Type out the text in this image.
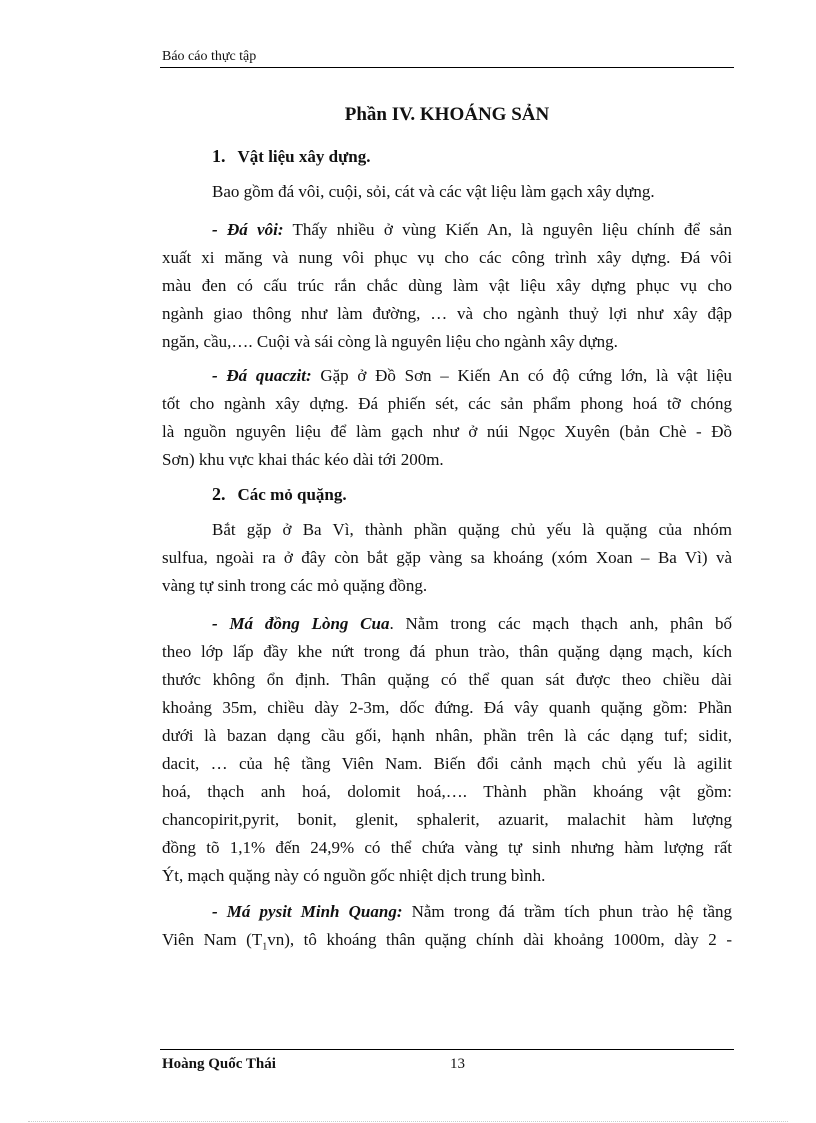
Báo cáo thực tập
Phần IV. KHOÁNG SẢN
1. Vật liệu xây dựng.
Bao gồm đá vôi, cuội, sỏi, cát và các vật liệu làm gạch xây dựng.
- Đá vôi: Thấy nhiều ở vùng Kiến An, là nguyên liệu chính để sản
xuất xi măng và nung vôi phục vụ cho các công trình xây dựng. Đá vôi
màu đen có cấu trúc rắn chắc dùng làm vật liệu xây dựng phục vụ cho
ngành giao thông như làm đường, … và cho ngành thuỷ lợi như xây đập
ngăn, cầu,…. Cuội và sái còng là nguyên liệu cho ngành xây dựng.
- Đá quaczit: Gặp ở Đồ Sơn – Kiến An có độ cứng lớn, là vật liệu
tốt cho ngành xây dựng. Đá phiến sét, các sản phẩm phong hoá tỡ chóng
là nguồn nguyên liệu để làm gạch như ở núi Ngọc Xuyên (bản Chè - Đồ
Sơn) khu vực khai thác kéo dài tới 200m.
2. Các mỏ quặng.
Bắt gặp ở Ba Vì, thành phần quặng chủ yếu là quặng của nhóm
sulfua, ngoài ra ở đây còn bắt gặp vàng sa khoáng (xóm Xoan – Ba Vì) và
vàng tự sinh trong các mỏ quặng đồng.
- Má đồng Lòng Cua. Nằm trong các mạch thạch anh, phân bố
theo lớp lấp đầy khe nứt trong đá phun trào, thân quặng dạng mạch, kích
thước không ổn định. Thân quặng có thể quan sát được theo chiều dài
khoảng 35m, chiều dày 2-3m, dốc đứng. Đá vây quanh quặng gồm: Phần
dưới là bazan dạng cầu gối, hạnh nhân, phần trên là các dạng tuf; sidit,
dacit, … của hệ tầng Viên Nam. Biến đổi cảnh mạch chủ yếu là agilit
hoá, thạch anh hoá, dolomit hoá,…. Thành phần khoáng vật gồm:
chancopirit,pyrit, bonit, glenit, sphalerit, azuarit, malachit hàm lượng
đồng tõ 1,1% đến 24,9% có thể chứa vàng tự sinh nhưng hàm lượng rất
Ýt, mạch quặng này có nguồn gốc nhiệt dịch trung bình.
- Má pysit Minh Quang: Nằm trong đá trầm tích phun trào hệ tầng
Viên Nam $(T_1vn)$, tô khoáng thân quặng chính dài khoảng 1000m, dày 2 -
Hoàng Quốc Thái	13
